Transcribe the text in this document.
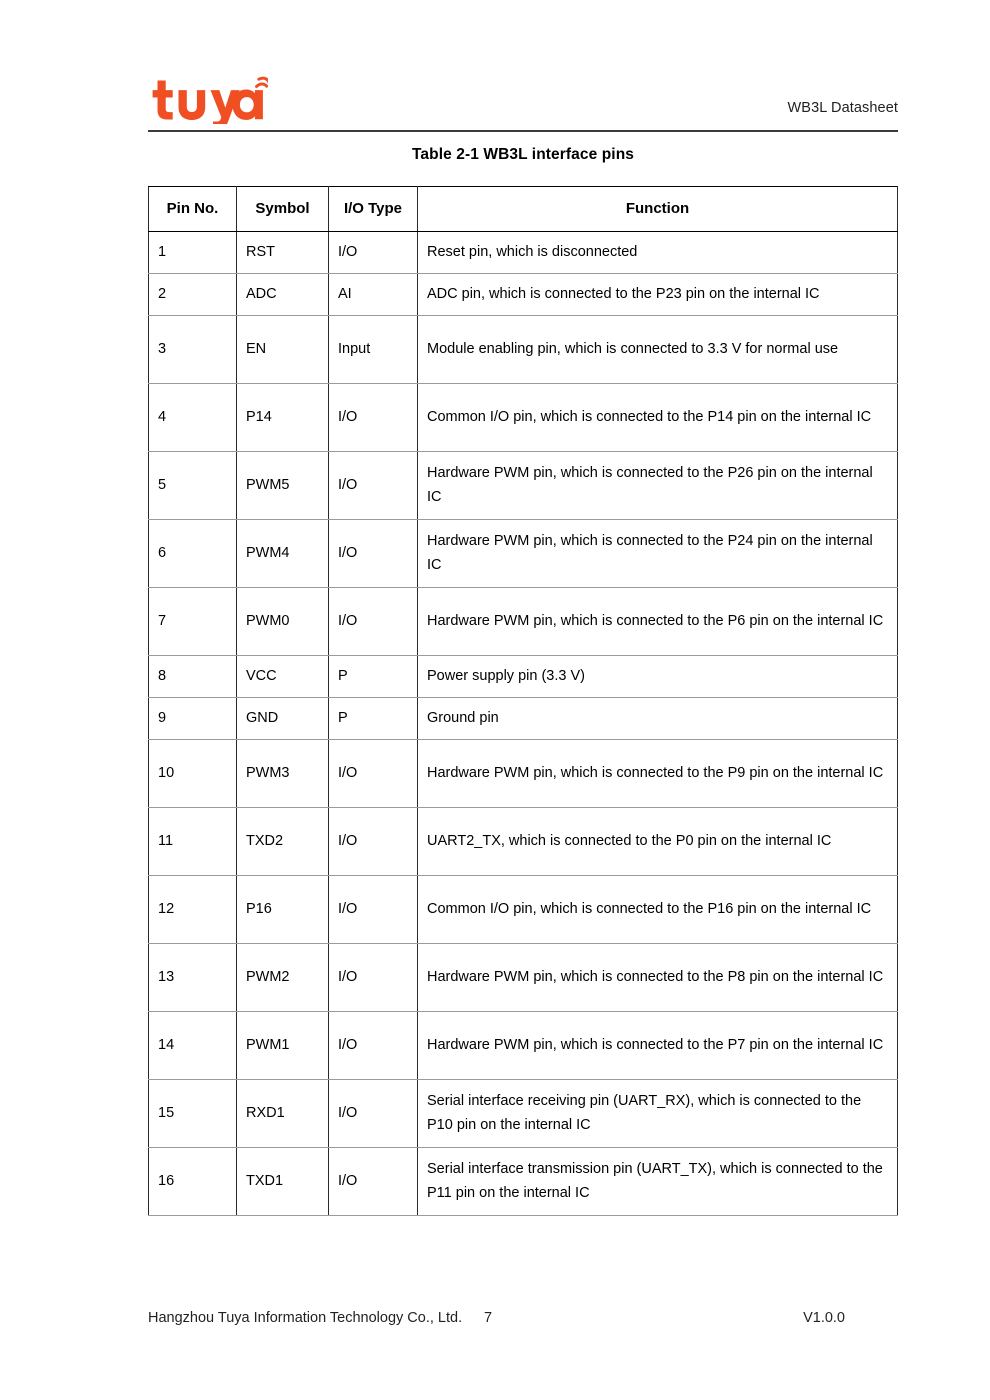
WB3L Datasheet
Table 2-1 WB3L interface pins
Pin No.	Symbol	I/O Type	Function

1	RST	I/O	Reset pin, which is disconnected

2	ADC	AI	ADC pin, which is connected to the P23 pin on the internal IC

3	EN	Input	Module enabling pin, which is connected to 3.3 V for normal use

4	P14	I/O	Common I/O pin, which is connected to the P14 pin on the internal IC

5	PWM5	I/O	Hardware PWM pin, which is connected to the P26 pin on the internal IC

6	PWM4	I/O	Hardware PWM pin, which is connected to the P24 pin on the internal IC

7	PWM0	I/O	Hardware PWM pin, which is connected to the P6 pin on the internal IC

8	VCC	P	Power supply pin (3.3 V)

9	GND	P	Ground pin

10	PWM3	I/O	Hardware PWM pin, which is connected to the P9 pin on the internal IC

11	TXD2	I/O	UART2_TX, which is connected to the P0 pin on the internal IC

12	P16	I/O	Common I/O pin, which is connected to the P16 pin on the internal IC

13	PWM2	I/O	Hardware PWM pin, which is connected to the P8 pin on the internal IC

14	PWM1	I/O	Hardware PWM pin, which is connected to the P7 pin on the internal IC

15	RXD1	I/O	Serial interface receiving pin (UART_RX), which is connected to the P10 pin on the internal IC

16	TXD1	I/O	Serial interface transmission pin (UART_TX), which is connected to the P11 pin on the internal IC
Hangzhou Tuya Information Technology Co., Ltd. 7	V1.0.0
